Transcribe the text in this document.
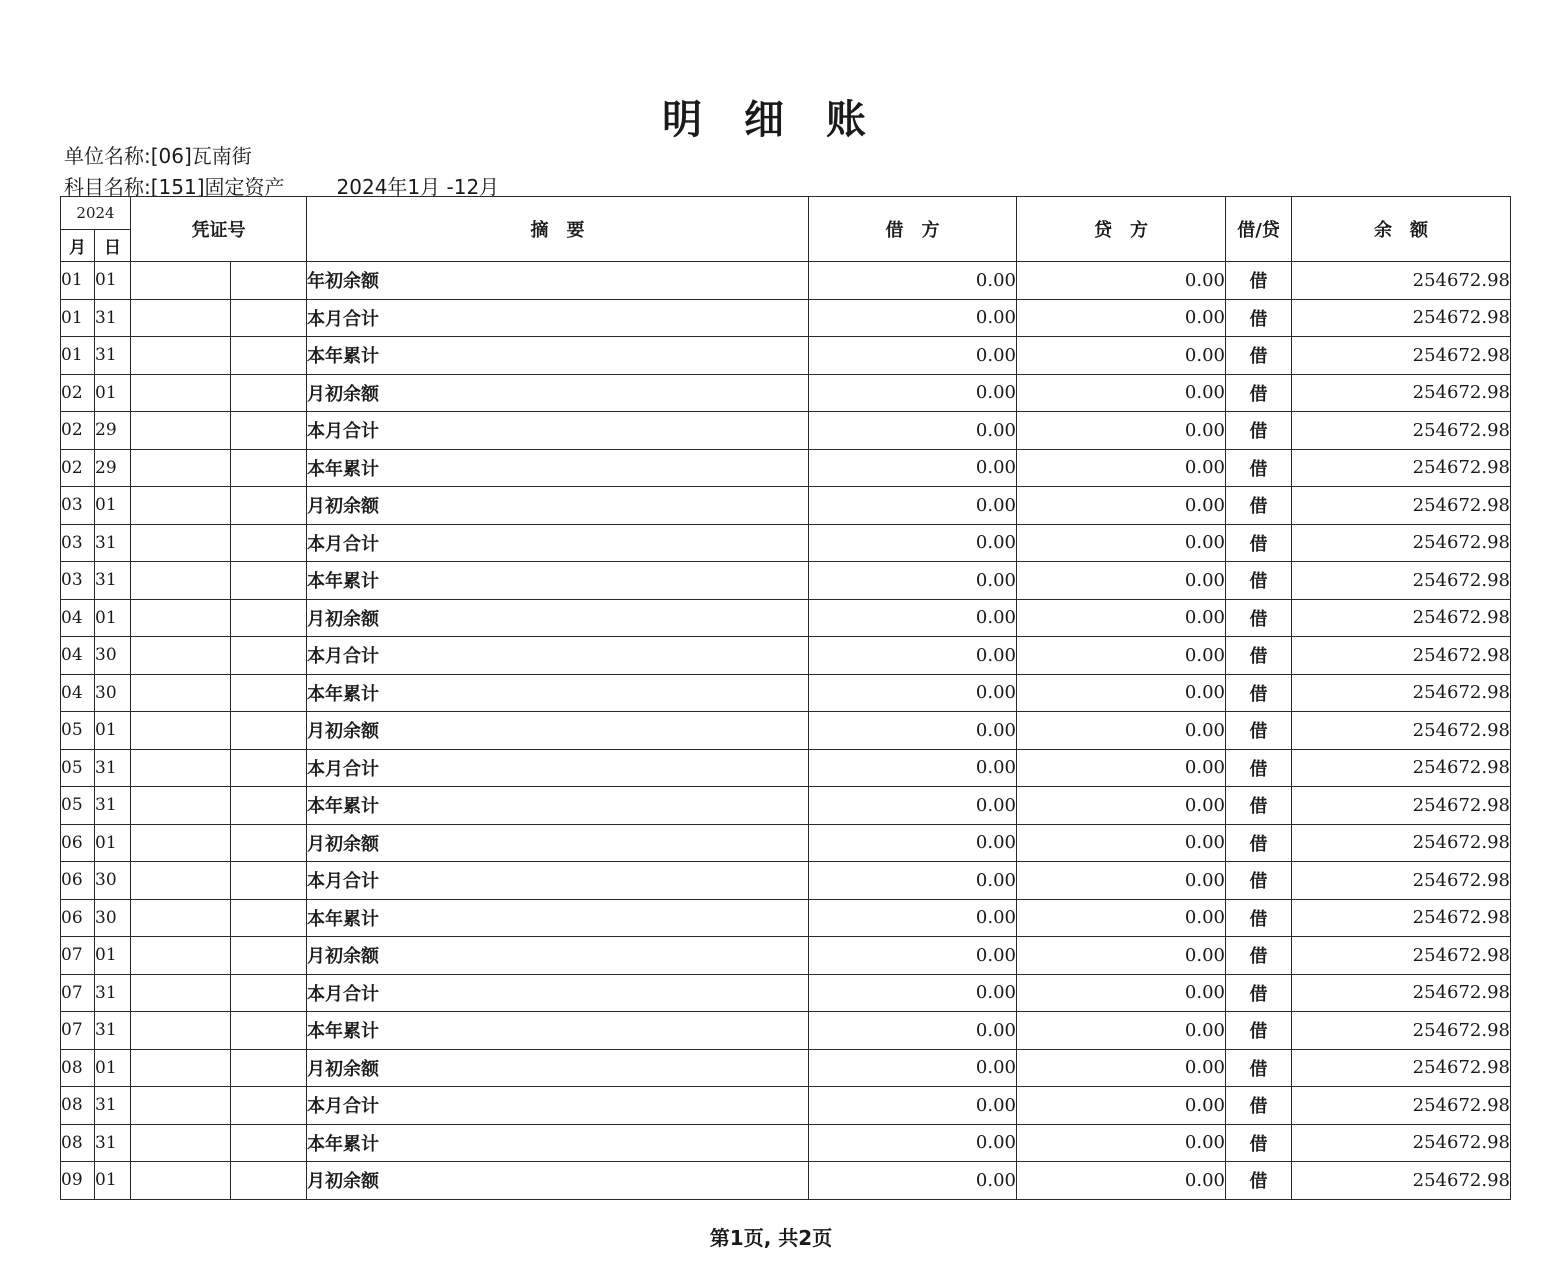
明 细 账
单位名称:[06]瓦南街
科目名称:[151]固定资产	2024年1月 -12月
2024		凭证号		摘　要	借　方	贷　方	借/贷	余　额
月	日							
01	01			年初余额	0.00	0.00	借	254672.98
01	31			本月合计	0.00	0.00	借	254672.98
01	31			本年累计	0.00	0.00	借	254672.98
02	01			月初余额	0.00	0.00	借	254672.98
02	29			本月合计	0.00	0.00	借	254672.98
02	29			本年累计	0.00	0.00	借	254672.98
03	01			月初余额	0.00	0.00	借	254672.98
03	31			本月合计	0.00	0.00	借	254672.98
03	31			本年累计	0.00	0.00	借	254672.98
04	01			月初余额	0.00	0.00	借	254672.98
04	30			本月合计	0.00	0.00	借	254672.98
04	30			本年累计	0.00	0.00	借	254672.98
05	01			月初余额	0.00	0.00	借	254672.98
05	31			本月合计	0.00	0.00	借	254672.98
05	31			本年累计	0.00	0.00	借	254672.98
06	01			月初余额	0.00	0.00	借	254672.98
06	30			本月合计	0.00	0.00	借	254672.98
06	30			本年累计	0.00	0.00	借	254672.98
07	01			月初余额	0.00	0.00	借	254672.98
07	31			本月合计	0.00	0.00	借	254672.98
07	31			本年累计	0.00	0.00	借	254672.98
08	01			月初余额	0.00	0.00	借	254672.98
08	31			本月合计	0.00	0.00	借	254672.98
08	31			本年累计	0.00	0.00	借	254672.98
09	01			月初余额	0.00	0.00	借	254672.98
第1页, 共2页
